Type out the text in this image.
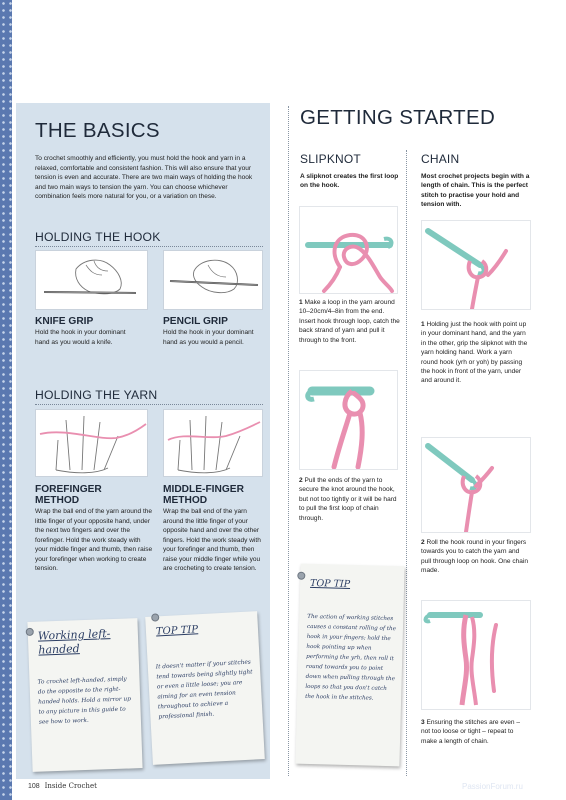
THE BASICS
To crochet smoothly and efficiently, you must hold the hook and yarn in a relaxed, comfortable and consistent fashion. This will also ensure that your tension is even and accurate. There are two main ways of holding the hook and two main ways to tension the yarn. You can choose whichever combination feels more natural for you, or a variation on these.
HOLDING THE HOOK
KNIFE GRIP
Hold the hook in your dominant hand as you would a knife.
PENCIL GRIP
Hold the hook in your dominant hand as you would a pencil.
HOLDING THE YARN
FOREFINGER METHOD
Wrap the ball end of the yarn around the little finger of your opposite hand, under the next two fingers and over the forefinger. Hold the work steady with your middle finger and thumb, then raise your forefinger when working to create tension.
MIDDLE-FINGER METHOD
Wrap the ball end of the yarn around the little finger of your opposite hand and over the other fingers. Hold the work steady with your forefinger and thumb, then raise your middle finger while you are crocheting to create tension.
Working left-handed
To crochet left-handed, simply do the opposite to the right-handed holds. Hold a mirror up to any picture in this guide to see how to work.
TOP TIP
It doesn't matter if your stitches tend towards being slightly tight or even a little loose; you are aiming for an even tension throughout to achieve a professional finish.
GETTING STARTED
SLIPKNOT
A slipknot creates the first loop on the hook.
CHAIN
Most crochet projects begin with a length of chain. This is the perfect stitch to practise your hold and tension with.
1 Make a loop in the yarn around 10–20cm/4–8in from the end. Insert hook through loop, catch the back strand of yarn and pull it through to the front.
2 Pull the ends of the yarn to secure the knot around the hook, but not too tightly or it will be hard to pull the first loop of chain through.
TOP TIP
The action of working stitches causes a constant rolling of the hook in your fingers; hold the hook pointing up when performing the yrh, then roll it round towards you to point down when pulling through the loops so that you don't catch the hook in the stitches.
1 Holding just the hook with point up in your dominant hand, and the yarn in the other, grip the slipknot with the yarn holding hand. Work a yarn round hook (yrh or yoh) by passing the hook in front of the yarn, under and around it.
2 Roll the hook round in your fingers towards you to catch the yarn and pull through loop on hook. One chain made.
3 Ensuring the stitches are even – not too loose or tight – repeat to make a length of chain.
108 Inside Crochet	PassionForum.ru
